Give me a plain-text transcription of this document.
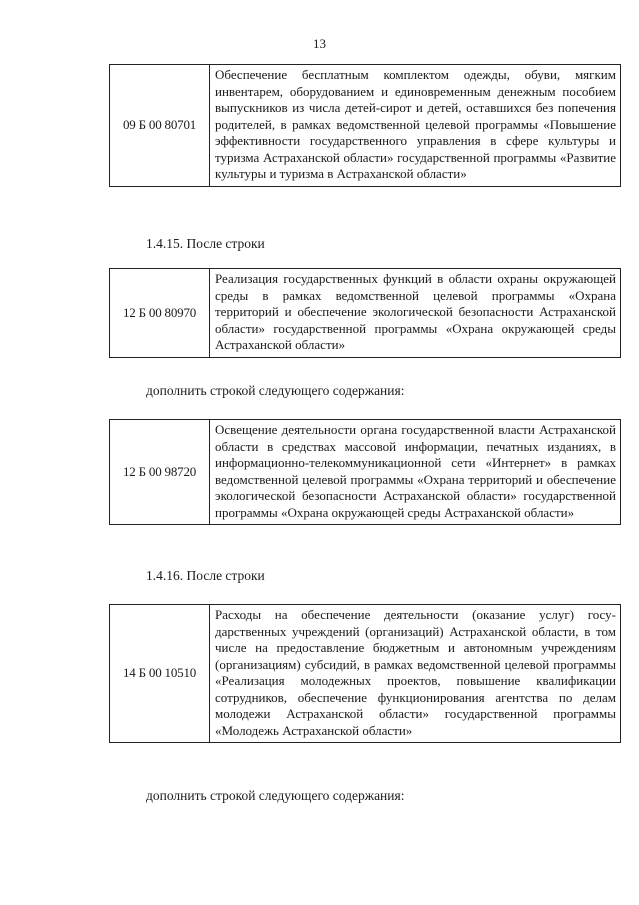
13
09 Б 00 80701	Обеспечение бесплатным комплектом одежды, обуви, мягким инвентарем, оборудованием и единовременным денежным пособием выпускников из числа детей-сирот и детей, оставшихся без попечения родителей, в рамках ведомственной целевой программы «Повышение эффективности государственного управления в сфере культуры и туризма Астраханской области» государственной программы «Развитие культуры и туризма в Астраханской области»
1.4.15. После строки
12 Б 00 80970	Реализация государственных функций в области охраны окружающей среды в рамках ведомственной целевой программы «Охрана территорий и обеспечение экологической безопасности Астраханской области» государственной программы «Охрана окружающей среды Астраханской области»
дополнить строкой следующего содержания:
12 Б 00 98720	Освещение деятельности органа государственной власти Астраханской области в средствах массовой информации, печатных изданиях, в информационно-телекоммуникационной сети «Интернет» в рамках ведомственной целевой программы «Охрана территорий и обеспечение экологической безопасности Астраханской области» государственной программы «Охрана окружающей среды Астраханской области»
1.4.16. После строки
14 Б 00 10510	Расходы на обеспечение деятельности (оказание услуг) государственных учреждений (организаций) Астраханской области, в том числе на предоставление бюджетным и автономным учреждениям (организациям) субсидий, в рамках ведомственной целевой программы «Реализация молодежных проектов, повышение квалификации сотрудников, обеспечение функционирования агентства по делам молодежи Астраханской области» государственной программы «Молодежь Астраханской области»
дополнить строкой следующего содержания:
